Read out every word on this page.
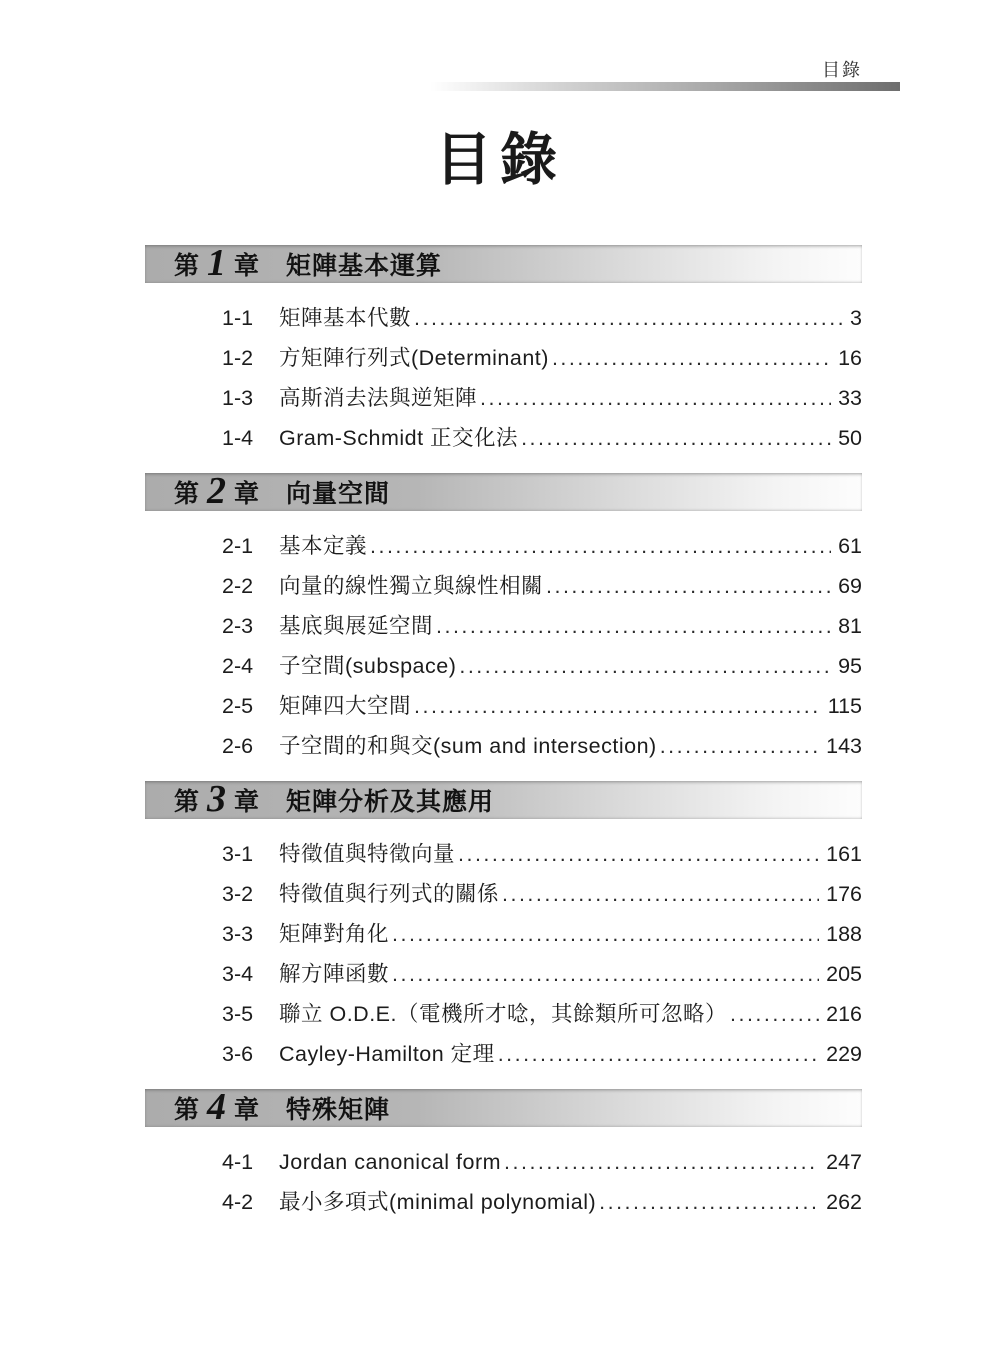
目錄
目錄
第 1 章 矩陣基本運算
1-1	矩陣基本代數 .....	3
1-2	方矩陣行列式(Determinant) .....	16
1-3	高斯消去法與逆矩陣 .....	33
1-4	Gram-Schmidt 正交化法 .....	50
第 2 章 向量空間
2-1	基本定義 .....	61
2-2	向量的線性獨立與線性相關 .....	69
2-3	基底與展延空間 .....	81
2-4	子空間(subspace) .....	95
2-5	矩陣四大空間 .....	115
2-6	子空間的和與交(sum and intersection) .....	143
第 3 章 矩陣分析及其應用
3-1	特徵值與特徵向量 .....	161
3-2	特徵值與行列式的關係 .....	176
3-3	矩陣對角化 .....	188
3-4	解方陣函數 .....	205
3-5	聯立 O.D.E.（電機所才唸，其餘類所可忽略） .....	216
3-6	Cayley-Hamilton 定理 .....	229
第 4 章 特殊矩陣
4-1	Jordan canonical form .....	247
4-2	最小多項式(minimal polynomial) .....	262
